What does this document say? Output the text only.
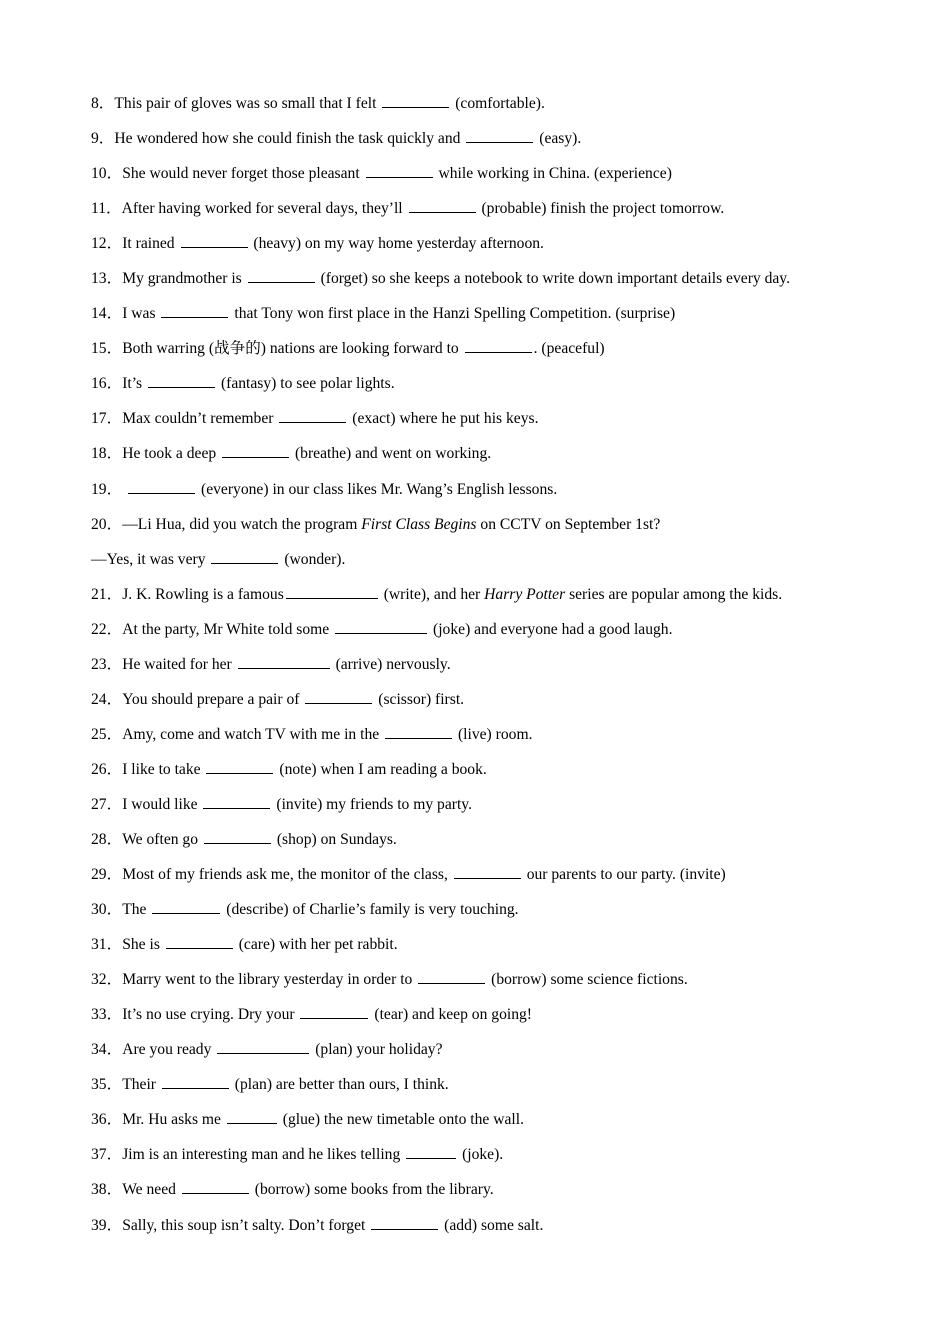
8．This pair of gloves was so small that I felt	(comfortable).
9．He wondered how she could finish the task quickly and	(easy).
10．She would never forget those pleasant	while working in China. (experience)
11．After having worked for several days, they’ll	(probable) finish the project tomorrow.
12．It rained	(heavy) on my way home yesterday afternoon.
13．My grandmother is	(forget) so she keeps a notebook to write down important details every day.
14．I was	that Tony won first place in the Hanzi Spelling Competition. (surprise)
15．Both warring (战争的) nations are looking forward to	. (peaceful)
16．It’s	(fantasy) to see polar lights.
17．Max couldn’t remember	(exact) where he put his keys.
18．He took a deep	(breathe) and went on working.
19．	(everyone) in our class likes Mr. Wang’s English lessons.
20．—Li Hua, did you watch the program First Class Begins on CCTV on September 1st?
—Yes, it was very	(wonder).
21．J. K. Rowling is a famous	(write), and her Harry Potter series are popular among the kids.
22．At the party, Mr White told some	(joke) and everyone had a good laugh.
23．He waited for her	(arrive) nervously.
24．You should prepare a pair of	(scissor) first.
25．Amy, come and watch TV with me in the	(live) room.
26．I like to take	(note) when I am reading a book.
27．I would like	(invite) my friends to my party.
28．We often go	(shop) on Sundays.
29．Most of my friends ask me, the monitor of the class,	our parents to our party. (invite)
30．The	(describe) of Charlie’s family is very touching.
31．She is	(care) with her pet rabbit.
32．Marry went to the library yesterday in order to	(borrow) some science fictions.
33．It’s no use crying. Dry your	(tear) and keep on going!
34．Are you ready	(plan) your holiday?
35．Their	(plan) are better than ours, I think.
36．Mr. Hu asks me	(glue) the new timetable onto the wall.
37．Jim is an interesting man and he likes telling	(joke).
38．We need	(borrow) some books from the library.
39．Sally, this soup isn’t salty. Don’t forget	(add) some salt.
